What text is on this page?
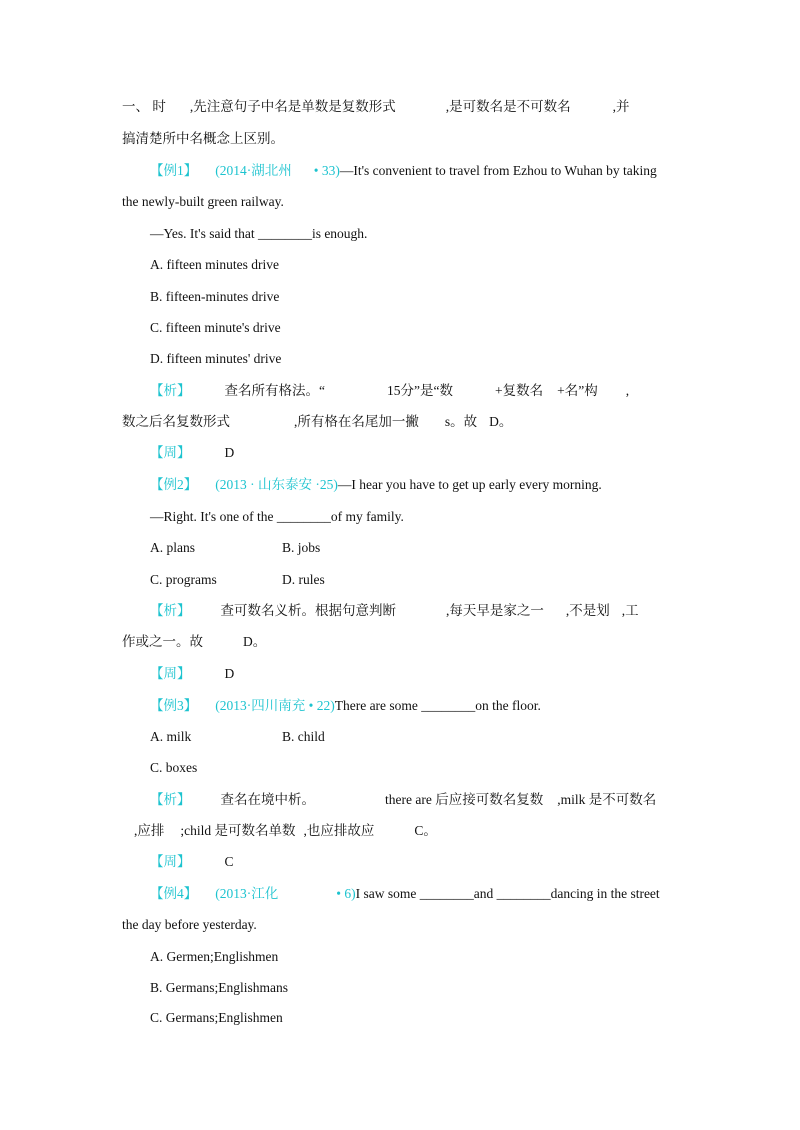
一、 时 ,先注意句子中名是单数是复数形式	,是可数名是不可数名	,并
搞清楚所中名概念上区别。
【例1】 (2014·湖北州 • 33)—It's convenient to travel from Ezhou to Wuhan by taking
the newly-built green railway.
—Yes. It's said that ________is enough.
A. fifteen minutes drive
B. fifteen-minutes drive
C. fifteen minute's drive
D. fifteen minutes' drive
【析】	查名所有格法。“	15分”是“数	+复数名 +名”构 ,
数之后名复数形式	,所有格在名尾加一撇 s。故 D。
【周】	D
【例2】 (2013 · 山东泰安 ·25)—I hear you have to get up early every morning.
—Right. It's one of the ________of my family.
A. plans	B. jobs
C. programs	D. rules
【析】 查可数名义析。根据句意判断	,每天早是家之一 ,不是划 ,工
作或之一。故	D。
【周】	D
【例3】 (2013·四川南充 • 22)There are some ________on the floor.
A. milk	B. child
C. boxes
【析】 查名在境中析。	there are 后应接可数名复数 ,milk 是不可数名
,应排 ;child 是可数名单数 ,也应排故应	C。
【周】	C
【例4】 (2013·江化	• 6)I saw some ________and ________dancing in the street
the day before yesterday.
A. Germen;Englishmen
B. Germans;Englishmans
C. Germans;Englishmen
